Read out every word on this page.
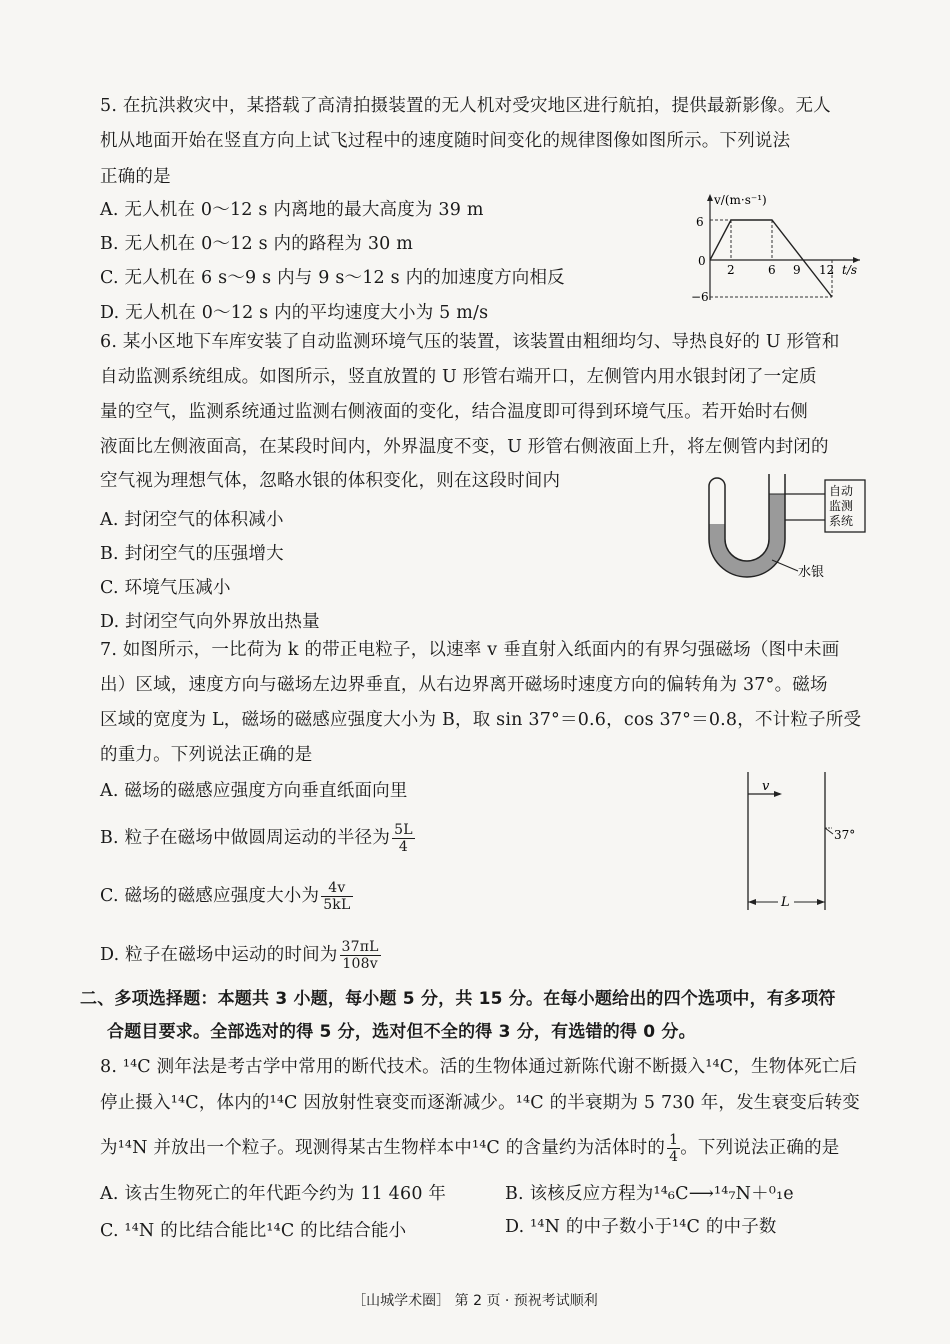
5. 在抗洪救灾中，某搭载了高清拍摄装置的无人机对受灾地区进行航拍，提供最新影像。无人
机从地面开始在竖直方向上试飞过程中的速度随时间变化的规律图像如图所示。下列说法
正确的是
A. 无人机在 0～12 s 内离地的最大高度为 39 m
B. 无人机在 0～12 s 内的路程为 30 m
C. 无人机在 6 s～9 s 内与 9 s～12 s 内的加速度方向相反
D. 无人机在 0～12 s 内的平均速度大小为 5 m/s
v/(m·s⁻¹)
6
0
−6
2	6 9 12 t/s
6. 某小区地下车库安装了自动监测环境气压的装置，该装置由粗细均匀、导热良好的 U 形管和
自动监测系统组成。如图所示，竖直放置的 U 形管右端开口，左侧管内用水银封闭了一定质
量的空气，监测系统通过监测右侧液面的变化，结合温度即可得到环境气压。若开始时右侧
液面比左侧液面高，在某段时间内，外界温度不变，U 形管右侧液面上升，将左侧管内封闭的
空气视为理想气体，忽略水银的体积变化，则在这段时间内
A. 封闭空气的体积减小
B. 封闭空气的压强增大
C. 环境气压减小
D. 封闭空气向外界放出热量
自动
监测
系统
水银
7. 如图所示，一比荷为 k 的带正电粒子，以速率 v 垂直射入纸面内的有界匀强磁场（图中未画
出）区域，速度方向与磁场左边界垂直，从右边界离开磁场时速度方向的偏转角为 37°。磁场
区域的宽度为 L，磁场的磁感应强度大小为 B，取 sin 37°＝0.6，cos 37°＝0.8，不计粒子所受
的重力。下列说法正确的是
A. 磁场的磁感应强度方向垂直纸面向里
B. 粒子在磁场中做圆周运动的半径为 $\frac{5L}{4}$
C. 磁场的磁感应强度大小为 $\frac{4v}{5kL}$
D. 粒子在磁场中运动的时间为 $\frac{37\pi L}{108v}$
v
37°
L
二、多项选择题：本题共 3 小题，每小题 5 分，共 15 分。在每小题给出的四个选项中，有多项符
合题目要求。全部选对的得 5 分，选对但不全的得 3 分，有选错的得 0 分。
8. ¹⁴C 测年法是考古学中常用的断代技术。活的生物体通过新陈代谢不断摄入¹⁴C，生物体死亡后
停止摄入¹⁴C，体内的¹⁴C 因放射性衰变而逐渐减少。¹⁴C 的半衰期为 5 730 年，发生衰变后转变
为¹⁴N 并放出一个粒子。现测得某古生物样本中¹⁴C 的含量约为活体时的 $\frac{1}{4}$ 。下列说法正确的是
A. 该古生物死亡的年代距今约为 11 460 年	B. 该核反应方程为¹⁴₆C⟶¹⁴₇N＋⁰₁e
C. ¹⁴N 的比结合能比¹⁴C 的比结合能小	D. ¹⁴N 的中子数小于¹⁴C 的中子数
［山城学术圈］ 第 2 页 · 预祝考试顺利
